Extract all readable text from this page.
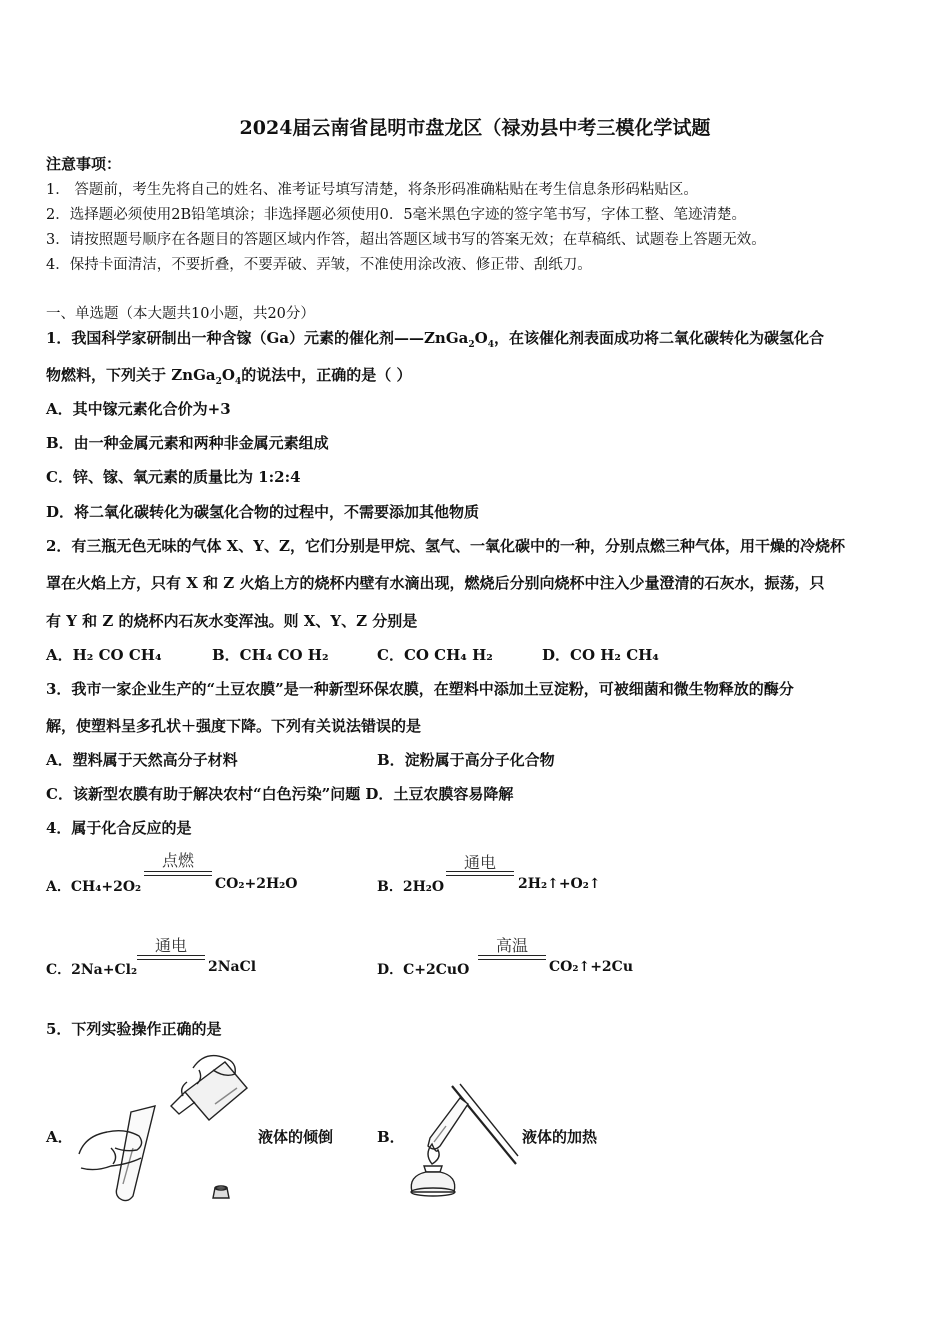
2024届云南省昆明市盘龙区（禄劝县中考三模化学试题
注意事项：
1． 答题前，考生先将自己的姓名、准考证号填写清楚，将条形码准确粘贴在考生信息条形码粘贴区。
2．选择题必须使用2B铅笔填涂；非选择题必须使用0．5毫米黑色字迹的签字笔书写，字体工整、笔迹清楚。
3．请按照题号顺序在各题目的答题区域内作答，超出答题区域书写的答案无效；在草稿纸、试题卷上答题无效。
4．保持卡面清洁，不要折叠，不要弄破、弄皱，不准使用涂改液、修正带、刮纸刀。
一、单选题（本大题共10小题，共20分）
1．我国科学家研制出一种含镓（Ga）元素的催化剂$——ZnGa_2O_4$，在该催化剂表面成功将二氧化碳转化为碳氢化合
物燃料，下列关于 $ZnGa_2O_4$的说法中，正确的是（ ）
A．其中镓元素化合价为+3
B．由一种金属元素和两种非金属元素组成
C．锌、镓、氧元素的质量比为 1:2:4
D．将二氧化碳转化为碳氢化合物的过程中，不需要添加其他物质
2．有三瓶无色无味的气体 X、Y、Z，它们分别是甲烷、氢气、一氧化碳中的一种，分别点燃三种气体，用干燥的冷烧杯
罩在火焰上方，只有 X 和 Z 火焰上方的烧杯内壁有水滴出现，燃烧后分别向烧杯中注入少量澄清的石灰水，振荡，只
有 Y 和 Z 的烧杯内石灰水变浑浊。则 X、Y、Z 分别是
A．H₂ CO CH₄	B．CH₄ CO H₂	C．CO CH₄ H₂	D．CO H₂ CH₄
3．我市一家企业生产的“土豆农膜”是一种新型环保农膜，在塑料中添加土豆淀粉，可被细菌和微生物释放的酶分
解，使塑料呈多孔状＋强度下降。下列有关说法错误的是
A．塑料属于天然高分子材料	B．淀粉属于高分子化合物
C．该新型农膜有助于解决农村“白色污染”问题 D．土豆农膜容易降解
4．属于化合反应的是
A．CH₄+2O₂
点燃
CO₂+2H₂O	B．2H₂O
通电
2H₂↑+O₂↑
C．2Na+Cl₂
通电
2NaCl	D．C+2CuO
高温
CO₂↑+2Cu
5．下列实验操作正确的是
A．	液体的倾倒	B．	液体的加热
